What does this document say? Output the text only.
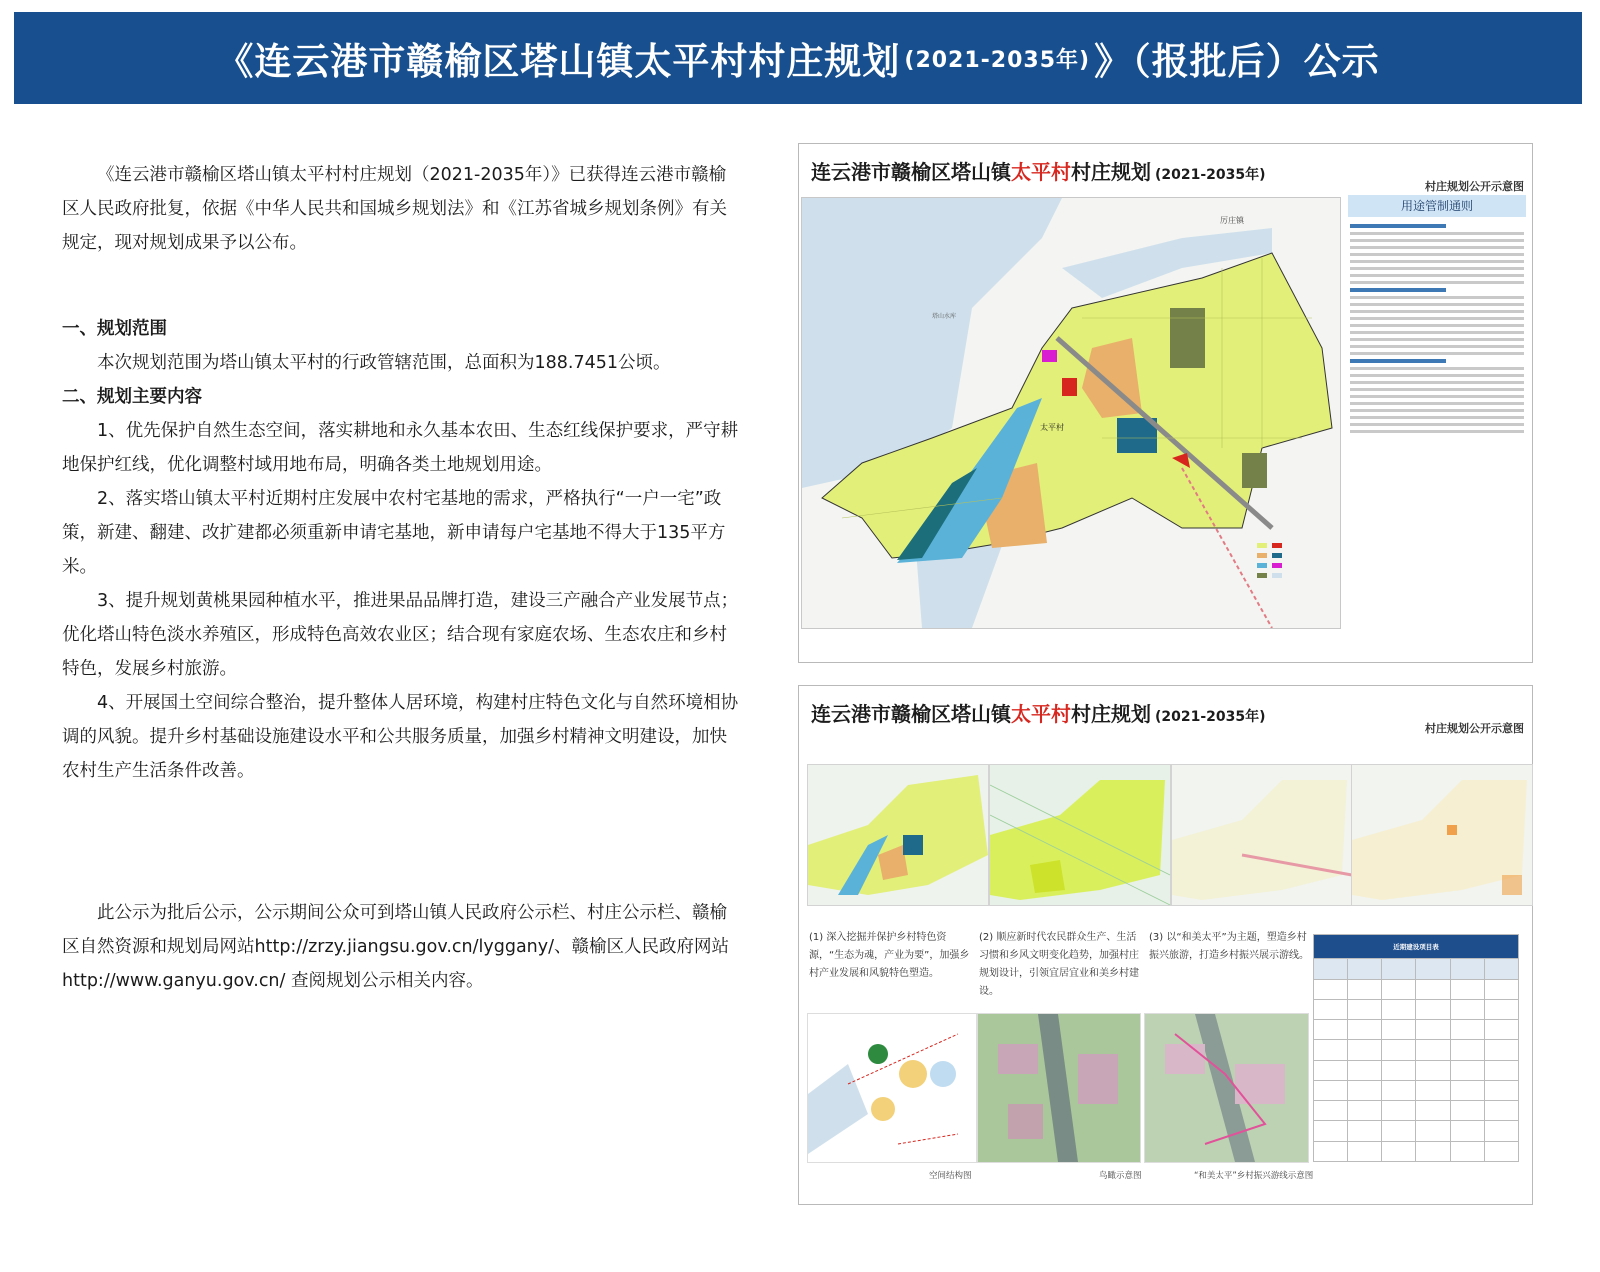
《连云港市赣榆区塔山镇太平村村庄规划 (2021-2035年) 》（报批后）公示

《连云港市赣榆区塔山镇太平村村庄规划（2021-2035年）》已获得连云港市赣榆区人民政府批复，依据《中华人民共和国城乡规划法》和《江苏省城乡规划条例》有关规定，现对规划成果予以公布。

一、规划范围

本次规划范围为塔山镇太平村的行政管辖范围，总面积为188.7451公顷。

二、规划主要内容

1、优先保护自然生态空间，落实耕地和永久基本农田、生态红线保护要求，严守耕地保护红线，优化调整村域用地布局，明确各类土地规划用途。

2、落实塔山镇太平村近期村庄发展中农村宅基地的需求，严格执行“一户一宅”政策，新建、翻建、改扩建都必须重新申请宅基地，新申请每户宅基地不得大于135平方米。

3、提升规划黄桃果园种植水平，推进果品品牌打造，建设三产融合产业发展节点；优化塔山特色淡水养殖区，形成特色高效农业区；结合现有家庭农场、生态农庄和乡村特色，发展乡村旅游。

4、开展国土空间综合整治，提升整体人居环境，构建村庄特色文化与自然环境相协调的风貌。提升乡村基础设施建设水平和公共服务质量，加强乡村精神文明建设，加快农村生产生活条件改善。

此公示为批后公示，公示期间公众可到塔山镇人民政府公示栏、村庄公示栏、赣榆区自然资源和规划局网站http://zrzy.jiangsu.gov.cn/lyggany/、赣榆区人民政府网站http://www.ganyu.gov.cn/ 查阅规划公示相关内容。

连云港市赣榆区塔山镇太平村村庄规划 (2021-2035年)
村庄规划公开示意图
太平村
厉庄镇
塔山水库
用途管制通则
连云港市赣榆区塔山镇太平村村庄规划 (2021-2035年)
村庄规划公开示意图
(1) 深入挖掘并保护乡村特色资源，“生态为魂，产业为要”，加强乡村产业发展和风貌特色塑造。
(2) 顺应新时代农民群众生产、生活习惯和乡风文明变化趋势，加强村庄规划设计，引领宜居宜业和美乡村建设。
(3) 以“和美太平”为主题，塑造乡村振兴旅游，打造乡村振兴展示游线。
空间结构图	鸟瞰示意图	“和美太平”乡村振兴游线示意图
近期建设项目表					
